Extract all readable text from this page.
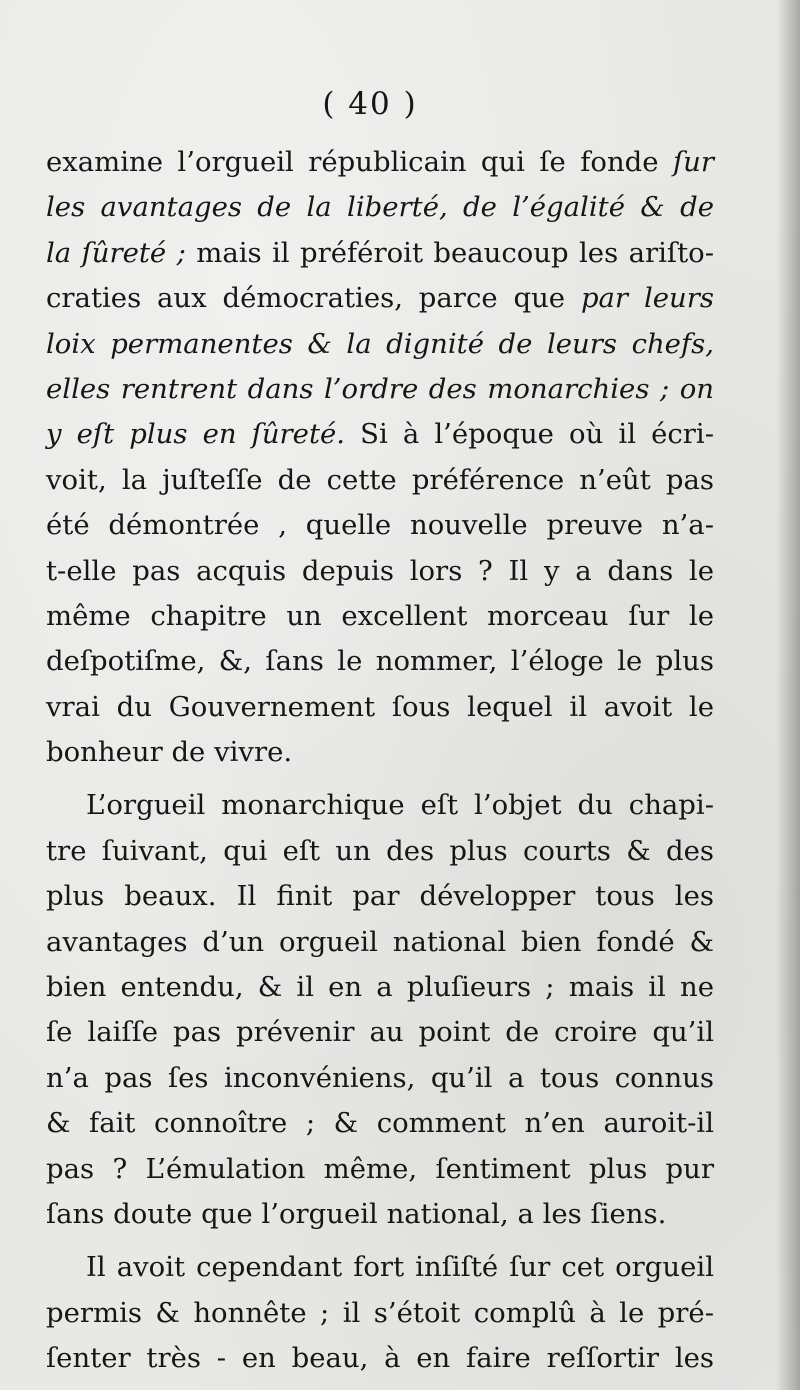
( 40 )
examine l’orgueil républicain qui ſe fonde ſur
les avantages de la liberté, de l’égalité & de
la ſûreté ; mais il préféroit beaucoup les ariſto-
craties aux démocraties, parce que par leurs
loix permanentes & la dignité de leurs chefs,
elles rentrent dans l’ordre des monarchies ; on
y eſt plus en ſûreté. Si à l’époque où il écri-
voit, la juſteſſe de cette préférence n’eût pas
été démontrée , quelle nouvelle preuve n’a-
t-elle pas acquis depuis lors ? Il y a dans le
même chapitre un excellent morceau ſur le
deſpotiſme, &, ſans le nommer, l’éloge le plus
vrai du Gouvernement ſous lequel il avoit le
bonheur de vivre.
L’orgueil monarchique eſt l’objet du chapi-
tre ſuivant, qui eſt un des plus courts & des
plus beaux. Il finit par développer tous les
avantages d’un orgueil national bien fondé &
bien entendu, & il en a pluſieurs ; mais il ne
ſe laiſſe pas prévenir au point de croire qu’il
n’a pas ſes inconvéniens, qu’il a tous connus
& fait connoître ; & comment n’en auroit-il
pas ? L’émulation même, ſentiment plus pur
ſans doute que l’orgueil national, a les ſiens.
Il avoit cependant fort inſiſté ſur cet orgueil
permis & honnête ; il s’étoit complû à le pré-
ſenter très - en beau, à en faire reſſortir les
